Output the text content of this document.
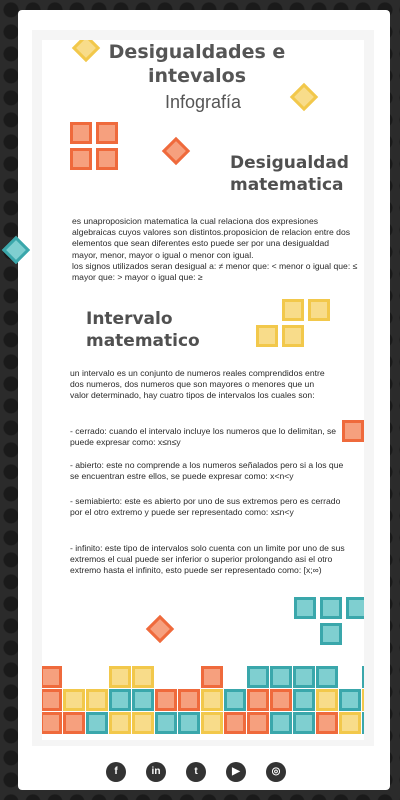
Desigualdades e intevalos
Infografía
Desigualdad matematica
es unaproposicion matematica la cual relaciona dos expresiones algebraicas cuyos valores son distintos.proposicion de relacion entre dos elementos que sean diferentes esto puede ser por una desigualdad mayor, menor, mayor o igual o menor con igual.
los signos utilizados seran desigual a: ≠ menor que: < menor o igual que: ≤ mayor que: > mayor o igual que: ≥
Intervalo matematico
un intervalo es un conjunto de numeros reales comprendidos entre dos numeros, dos numeros que son mayores o menores que un valor determinado, hay cuatro tipos de intervalos los cuales son:
- cerrado: cuando el intervalo incluye los numeros que lo delimitan, se puede expresar como: x≤n≤y
- abierto: este no comprende a los numeros señalados pero si a los que se encuentran estre ellos, se puede expresar como: x<n<y
- semiabierto: este es abierto por uno de sus extremos pero es cerrado por el otro extremo y puede ser representado como: x≤n<y
- infinito: este tipo de intervalos solo cuenta con un limite por uno de sus extremos el cual puede ser inferior o superior prolongando asi el otro extremo hasta el infinito, esto puede ser representado como: [x;∞)
f	in	t	▶	◎
